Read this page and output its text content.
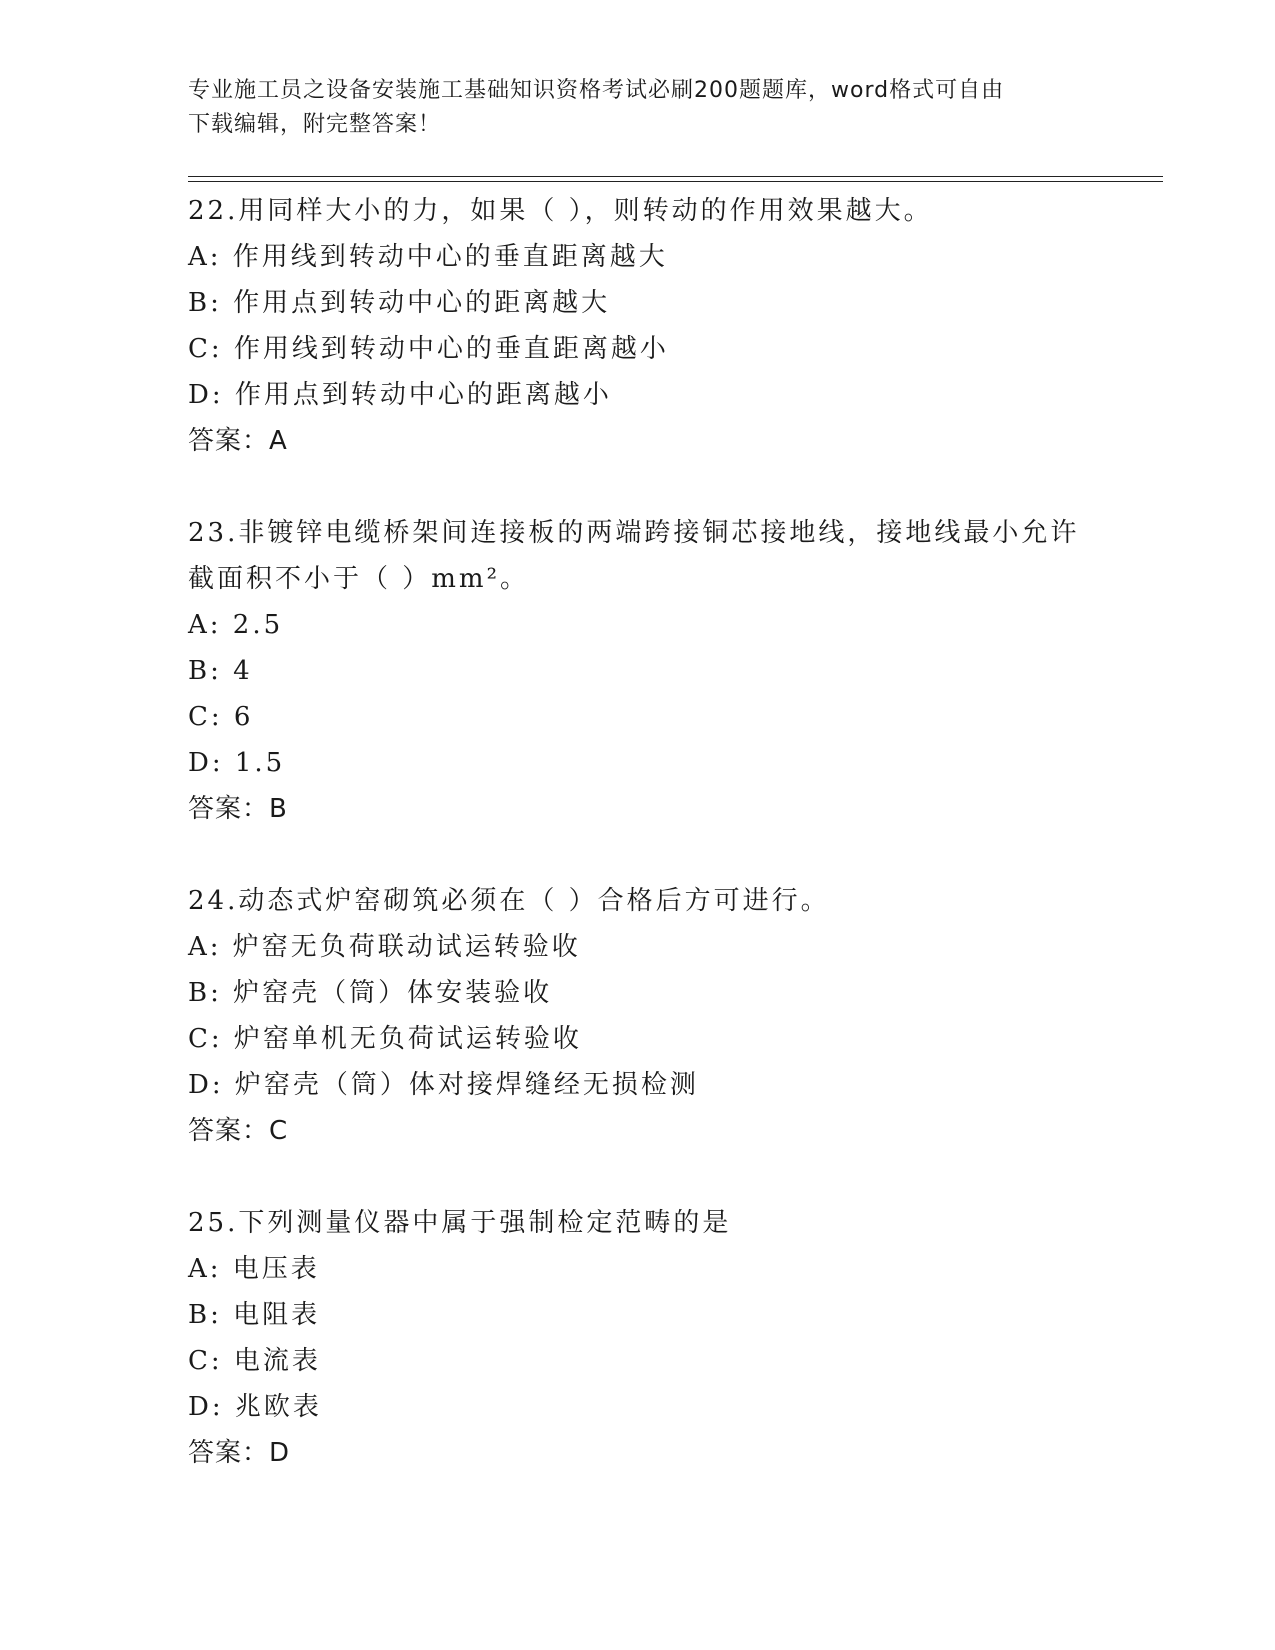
专业施工员之设备安装施工基础知识资格考试必刷200题题库，word格式可自由
下载编辑，附完整答案！
22.用同样大小的力，如果（ ），则转动的作用效果越大。
A: 作用线到转动中心的垂直距离越大
B: 作用点到转动中心的距离越大
C: 作用线到转动中心的垂直距离越小
D: 作用点到转动中心的距离越小
答案：A
23.非镀锌电缆桥架间连接板的两端跨接铜芯接地线，接地线最小允许
截面积不小于（ ）mm²。
A: 2.5
B: 4
C: 6
D: 1.5
答案：B
24.动态式炉窑砌筑必须在（ ）合格后方可进行。
A: 炉窑无负荷联动试运转验收
B: 炉窑壳（筒）体安装验收
C: 炉窑单机无负荷试运转验收
D: 炉窑壳（筒）体对接焊缝经无损检测
答案：C
25.下列测量仪器中属于强制检定范畴的是
A: 电压表
B: 电阻表
C: 电流表
D: 兆欧表
答案：D
